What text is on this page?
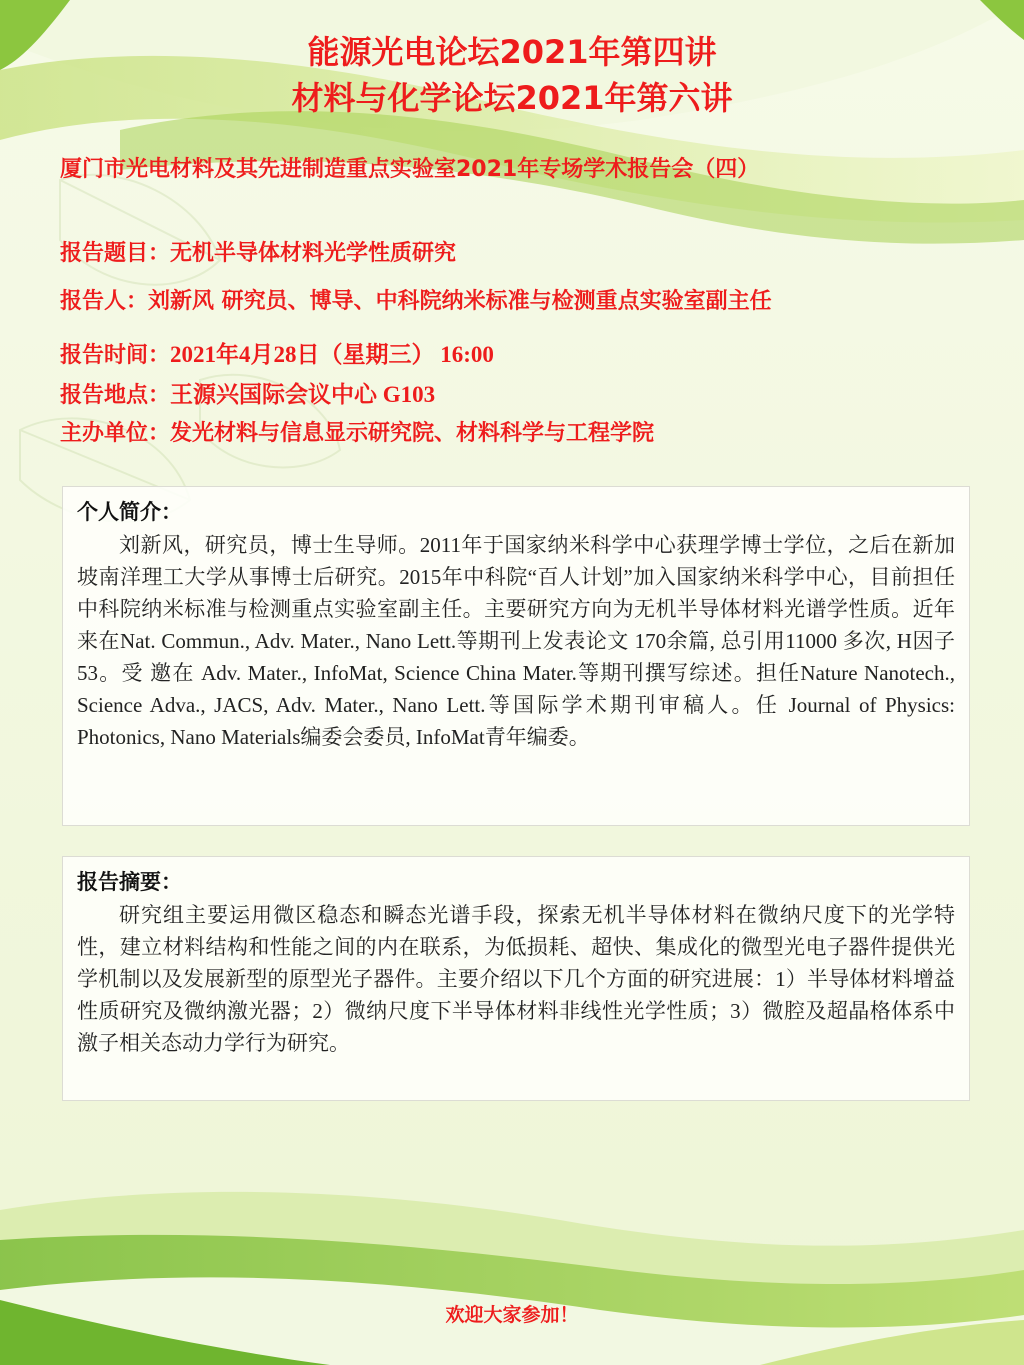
能源光电论坛2021年第四讲
材料与化学论坛2021年第六讲
厦门市光电材料及其先进制造重点实验室2021年专场学术报告会（四）
报告题目：无机半导体材料光学性质研究
报告人：刘新风 研究员、博导、中科院纳米标准与检测重点实验室副主任
报告时间：2021年4月28日（星期三） 16:00
报告地点：王源兴国际会议中心 G103
主办单位：发光材料与信息显示研究院、材料科学与工程学院
个人简介：

刘新风，研究员，博士生导师。2011年于国家纳米科学中心获理学博士学位，之后在新加坡南洋理工大学从事博士后研究。2015年中科院“百人计划”加入国家纳米科学中心，目前担任中科院纳米标准与检测重点实验室副主任。主要研究方向为无机半导体材料光谱学性质。近年来在Nat. Commun., Adv. Mater., Nano Lett.等期刊上发表论文 170余篇, 总引用11000 多次, H因子53。受 邀在 Adv. Mater., InfoMat, Science China Mater.等期刊撰写综述。担任Nature Nanotech., Science Adva., JACS, Adv. Mater., Nano Lett.等国际学术期刊审稿人。任 Journal of Physics: Photonics, Nano Materials编委会委员, InfoMat青年编委。

报告摘要：

研究组主要运用微区稳态和瞬态光谱手段，探索无机半导体材料在微纳尺度下的光学特性，建立材料结构和性能之间的内在联系，为低损耗、超快、集成化的微型光电子器件提供光学机制以及发展新型的原型光子器件。主要介绍以下几个方面的研究进展：1）半导体材料增益性质研究及微纳激光器；2）微纳尺度下半导体材料非线性光学性质；3）微腔及超晶格体系中激子相关态动力学行为研究。

欢迎大家参加！
